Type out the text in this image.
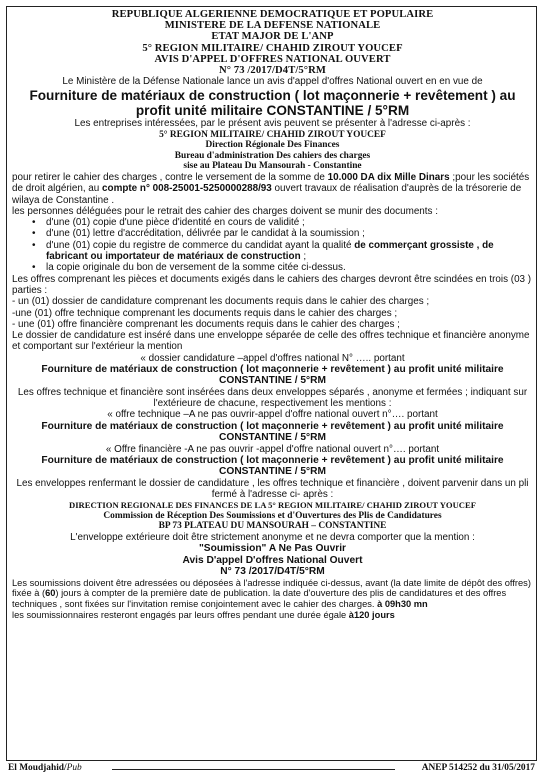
REPUBLIQUE ALGERIENNE DEMOCRATIQUE ET POPULAIRE
MINISTERE DE LA DEFENSE NATIONALE
ETAT MAJOR DE L'ANP
5° REGION MILITAIRE/ CHAHID ZIROUT YOUCEF
AVIS D'APPEL D'OFFRES NATIONAL OUVERT
N° 73 /2017/D4T/5°RM

Le Ministère de la Défense Nationale lance un avis d'appel d'offres National ouvert en en vue de

Fourniture de matériaux de construction ( lot maçonnerie + revêtement ) au profit unité militaire CONSTANTINE / 5°RM

Les entreprises intéressées, par le présent avis peuvent se présenter à l'adresse ci-après :

5° REGION MILITAIRE/ CHAHID ZIROUT YOUCEF
Direction Régionale Des Finances
Bureau d'administration Des cahiers des charges
sise au Plateau Du Mansourah - Constantine

pour retirer le cahier des charges , contre le versement de la somme de 10.000 DA dix Mille Dinars ;pour les sociétés de droit algérien, au compte n° 008-25001-5250000288/93 ouvert travaux de réalisation d'auprès de la trésorerie de wilaya de Constantine .

les personnes déléguées pour le retrait des cahier des charges doivent se munir des documents :

• d'une (01) copie d'une pièce d'identité en cours de validité ;
• d'une (01) lettre d'accréditation, délivrée par le candidat à la soumission ;
• d'une (01) copie du registre de commerce du candidat ayant la qualité de commerçant grossiste , de fabricant ou importateur de matériaux de construction ;
• la copie originale du bon de versement de la somme citée ci-dessus.

Les offres comprenant les pièces et documents exigés dans le cahiers des charges devront être scindées en trois (03 ) parties :

- un (01) dossier de candidature comprenant les documents requis dans le cahier des charges ;

-une (01) offre technique comprenant les documents requis dans le cahier des charges ;

- une (01) offre financière comprenant les documents requis dans le cahier des charges ;

Le dossier de candidature est inséré dans une enveloppe séparée de celle des offres technique et financière anonyme et comportant sur l'extérieur la mention

« dossier candidature –appel d'offres national N° ….. portant

Fourniture de matériaux de construction ( lot maçonnerie + revêtement ) au profit unité militaire CONSTANTINE / 5°RM

Les offres technique et financière sont insérées dans deux enveloppes séparés , anonyme et fermées ; indiquant sur l'extérieure de chacune, respectivement les mentions :

« offre technique –A ne pas ouvrir-appel d'offre national ouvert n°…. portant

Fourniture de matériaux de construction ( lot maçonnerie + revêtement ) au profit unité militaire CONSTANTINE / 5°RM

« Offre financière -A ne pas ouvrir -appel d'offre national ouvert n°…. portant

Fourniture de matériaux de construction ( lot maçonnerie + revêtement ) au profit unité militaire CONSTANTINE / 5°RM

Les enveloppes renfermant le dossier de candidature , les offres technique et financière , doivent parvenir dans un pli fermé à l'adresse ci- après :

DIRECTION REGIONALE DES FINANCES DE LA 5° REGION MILITAIRE/ CHAHID ZIROUT YOUCEF
Commission de Réception Des Soumissions et d'Ouvertures des Plis de Candidatures
BP 73 PLATEAU DU MANSOURAH – CONSTANTINE

L'enveloppe extérieure doit être strictement anonyme et ne devra comporter que la mention :

"Soumission" A Ne Pas Ouvrir
Avis D'appel D'offres National Ouvert
N° 73 /2017/D4T/5°RM

Les soumissions doivent être adressées ou déposées à l'adresse indiquée ci-dessus, avant (la date limite de dépôt des offres) fixée à (60) jours à compter de la première date de publication. la date d'ouverture des plis de candidatures et des offres techniques , sont fixées sur l'invitation remise conjointement avec le cahier des charges. à 09h30 mn

les soumissionnaires resteront engagés par leurs offres pendant une durée égale à120 jours

El Moudjahid/Pub	ANEP 514252 du 31/05/2017
